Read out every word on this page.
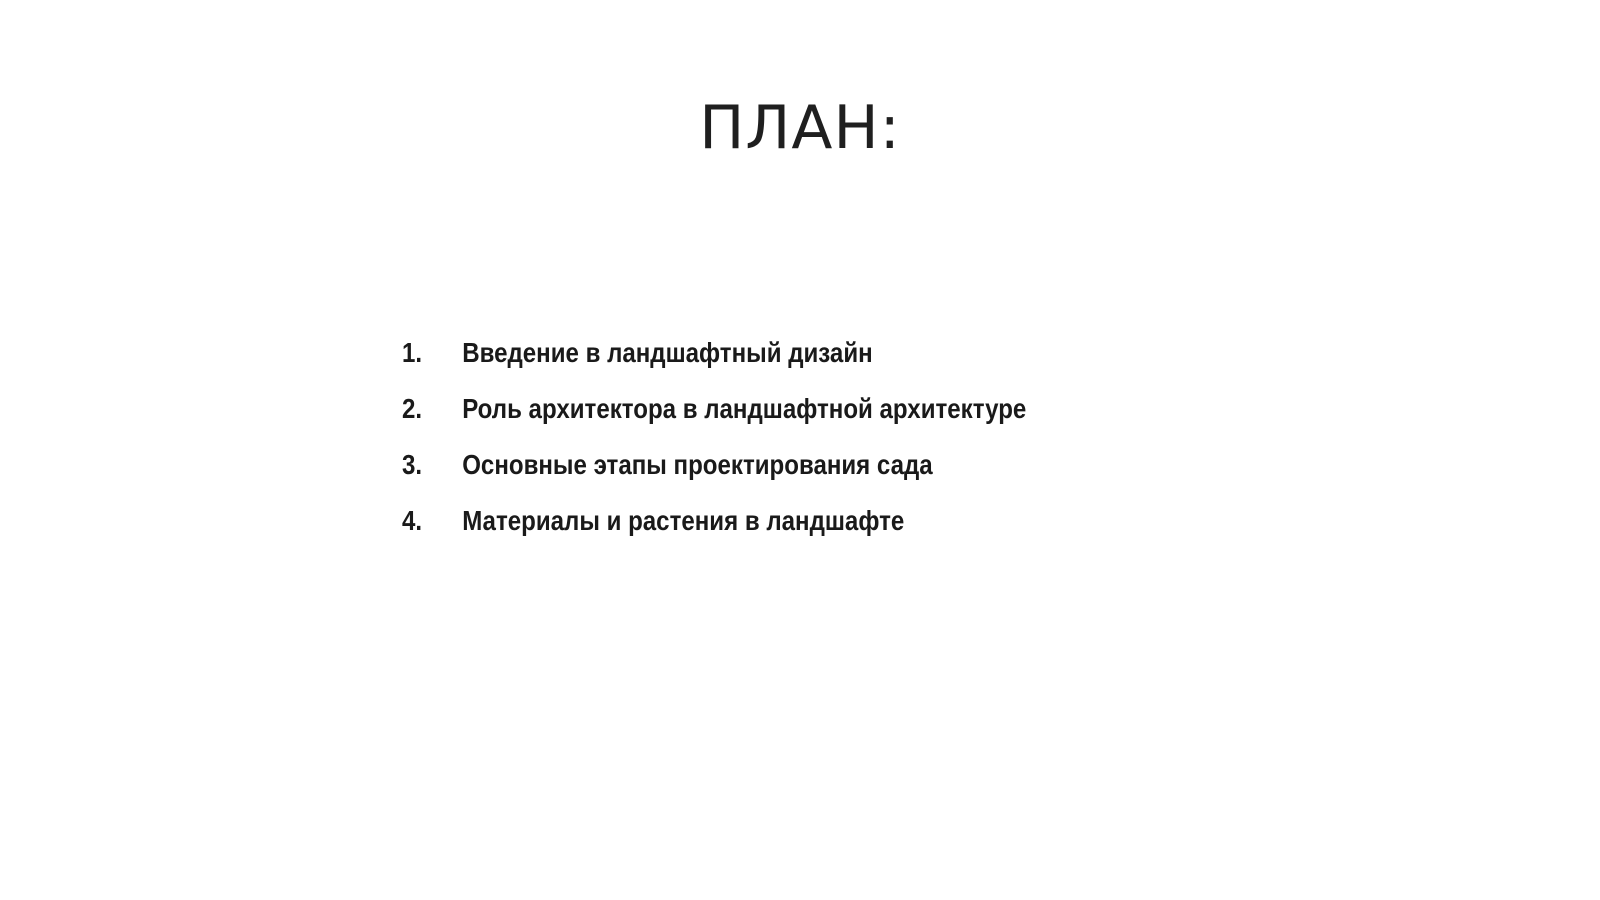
ПЛАН:
1.	Введение в ландшафтный дизайн
2.	Роль архитектора в ландшафтной архитектуре
3.	Основные этапы проектирования сада
4.	Материалы и растения в ландшафте
